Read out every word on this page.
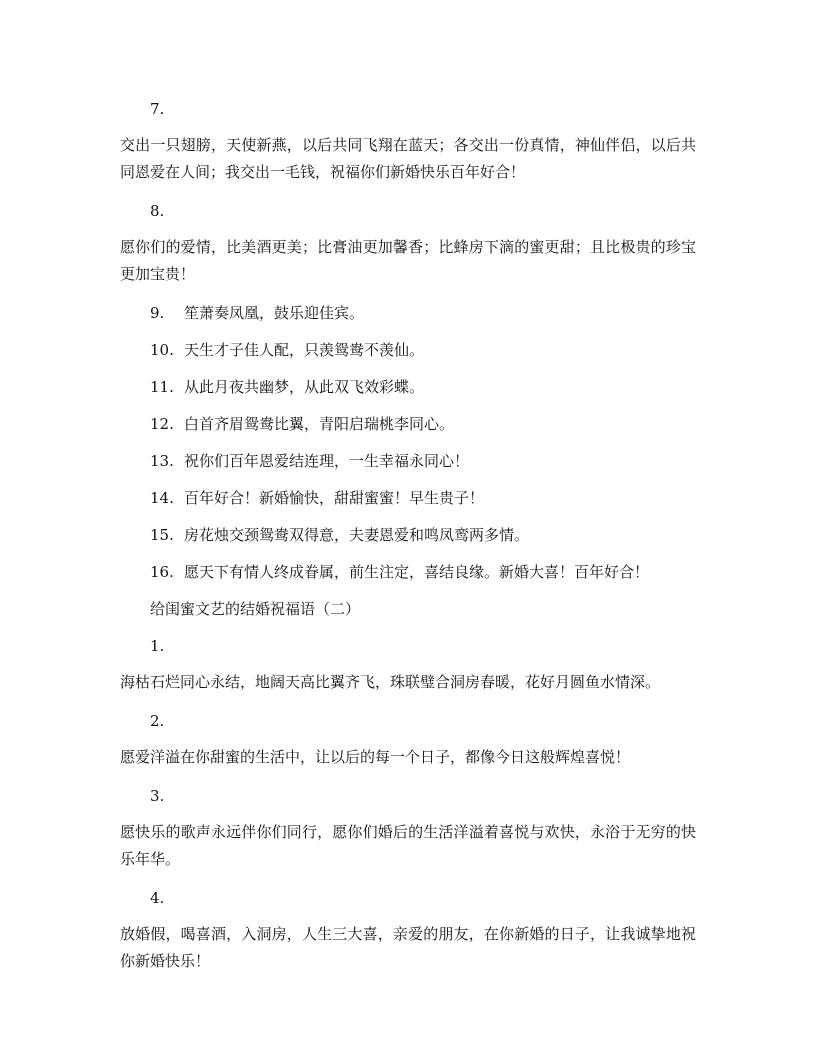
7.
交出一只翅膀，天使新燕，以后共同飞翔在蓝天；各交出一份真情，神仙伴侣，以后共同恩爱在人间；我交出一毛钱，祝福你们新婚快乐百年好合！
8.
愿你们的爱情，比美酒更美；比膏油更加馨香；比蜂房下滴的蜜更甜；且比极贵的珍宝更加宝贵！
9. 笙萧奏凤凰，鼓乐迎佳宾。
10. 天生才子佳人配，只羡鸳鸯不羡仙。
11. 从此月夜共幽梦，从此双飞效彩蝶。
12. 白首齐眉鸳鸯比翼，青阳启瑞桃李同心。
13. 祝你们百年恩爱结连理，一生幸福永同心！
14. 百年好合！新婚愉快，甜甜蜜蜜！早生贵子！
15. 房花烛交颈鸳鸯双得意，夫妻恩爱和鸣凤鸾两多情。
16. 愿天下有情人终成眷属，前生注定，喜结良缘。新婚大喜！百年好合！
给闺蜜文艺的结婚祝福语（二）
1.
海枯石烂同心永结，地阔天高比翼齐飞，珠联璧合洞房春暖，花好月圆鱼水情深。
2.
愿爱洋溢在你甜蜜的生活中，让以后的每一个日子，都像今日这般辉煌喜悦！
3.
愿快乐的歌声永远伴你们同行，愿你们婚后的生活洋溢着喜悦与欢快，永浴于无穷的快乐年华。
4.
放婚假，喝喜酒，入洞房，人生三大喜，亲爱的朋友，在你新婚的日子，让我诚挚地祝你新婚快乐！
